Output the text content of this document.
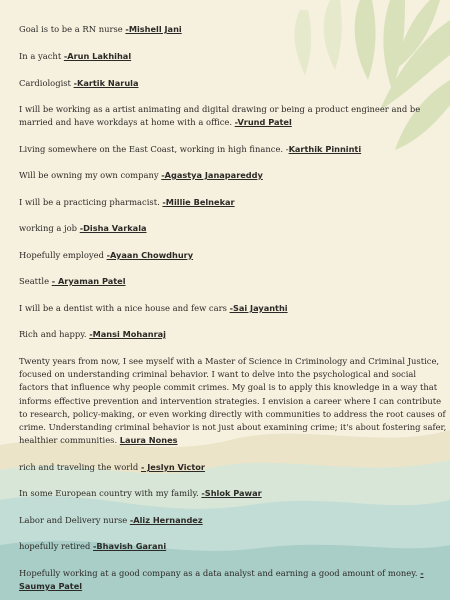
Goal is to be a RN nurse -Mishell Jani

In a yacht -Arun Lakhihal

Cardiologist -Kartik Narula

I will be working as a artist animating and digital drawing or being a product engineer and be married and have workdays at home with a office. -Vrund Patel

Living somewhere on the East Coast, working in high finance. -Karthik Pinninti

Will be owning my own company -Agastya Janapareddy

I will be a practicing pharmacist. -Millie Belnekar

working a job -Disha Varkala

Hopefully employed -Ayaan Chowdhury

Seattle - Aryaman Patel

I will be a dentist with a nice house and few cars -Sai Jayanthi

Rich and happy. -Mansi Mohanraj

Twenty years from now, I see myself with a Master of Science in Criminology and Criminal Justice, focused on understanding criminal behavior. I want to delve into the psychological and social factors that influence why people commit crimes. My goal is to apply this knowledge in a way that informs effective prevention and intervention strategies. I envision a career where I can contribute to research, policy-making, or even working directly with communities to address the root causes of crime. Understanding criminal behavior is not just about examining crime; it's about fostering safer, healthier communities. Laura Nones

rich and traveling the world - Jeslyn Victor

In some European country with my family. -Shlok Pawar

Labor and Delivery nurse -Aliz Hernandez

hopefully retired -Bhavish Garani

Hopefully working at a good company as a data analyst and earning a good amount of money. - Saumya Patel
